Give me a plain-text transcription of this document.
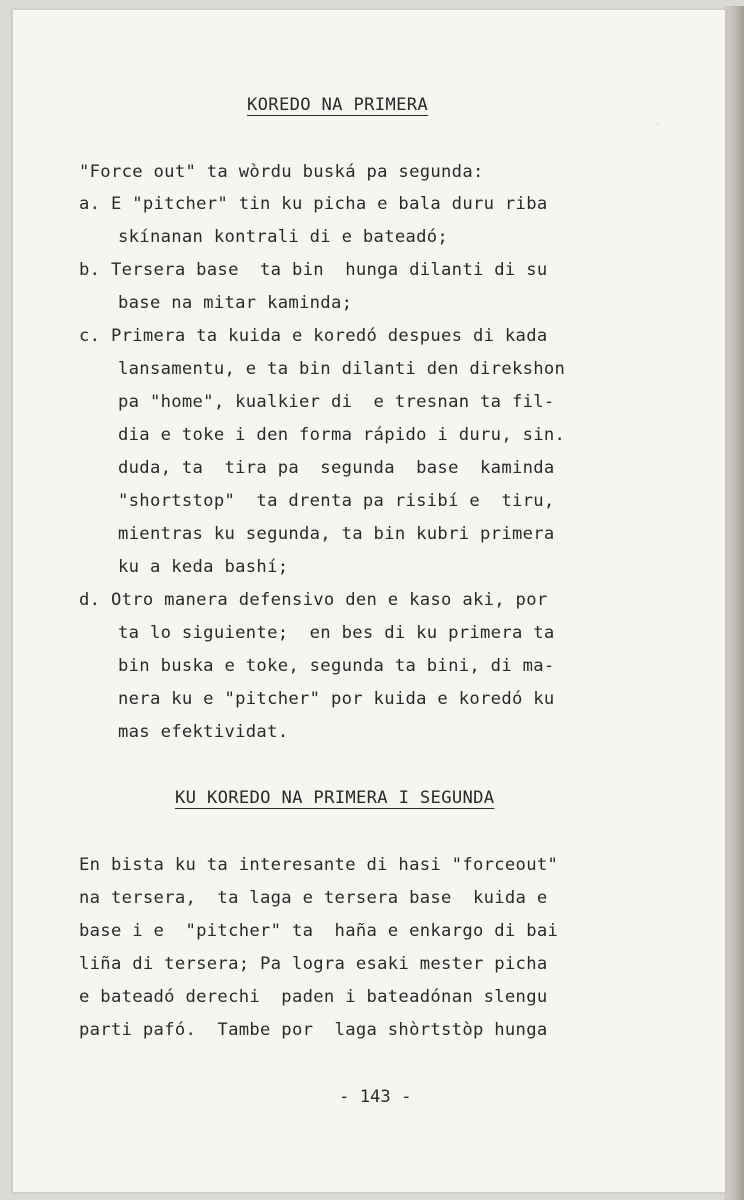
.
KOREDO NA PRIMERA
"Force out" ta wòrdu buská pa segunda:
a. E "pitcher" tin ku picha e bala duru riba
skínanan kontrali di e bateadó;
b. Tersera base  ta bin  hunga dilanti di su
base na mitar kaminda;
c. Primera ta kuida e koredó despues di kada
lansamentu, e ta bin dilanti den direkshon
pa "home", kualkier di  e tresnan ta fil-
dia e toke i den forma rápido i duru, sin.
duda, ta  tira pa  segunda  base  kaminda
"shortstop"  ta drenta pa risibí e  tiru,
mientras ku segunda, ta bin kubri primera
ku a keda bashí;
d. Otro manera defensivo den e kaso aki, por
ta lo siguiente;  en bes di ku primera ta
bin buska e toke, segunda ta bini, di ma-
nera ku e "pitcher" por kuida e koredó ku
mas efektividat.
KU KOREDO NA PRIMERA I SEGUNDA
En bista ku ta interesante di hasi "forceout"
na tersera,  ta laga e tersera base  kuida e
base i e  "pitcher" ta  haña e enkargo di bai
liña di tersera; Pa logra esaki mester picha
e bateadó derechi  paden i bateadónan slengu
parti pafó.  Tambe por  laga shòrtstòp hunga
- 143 -
